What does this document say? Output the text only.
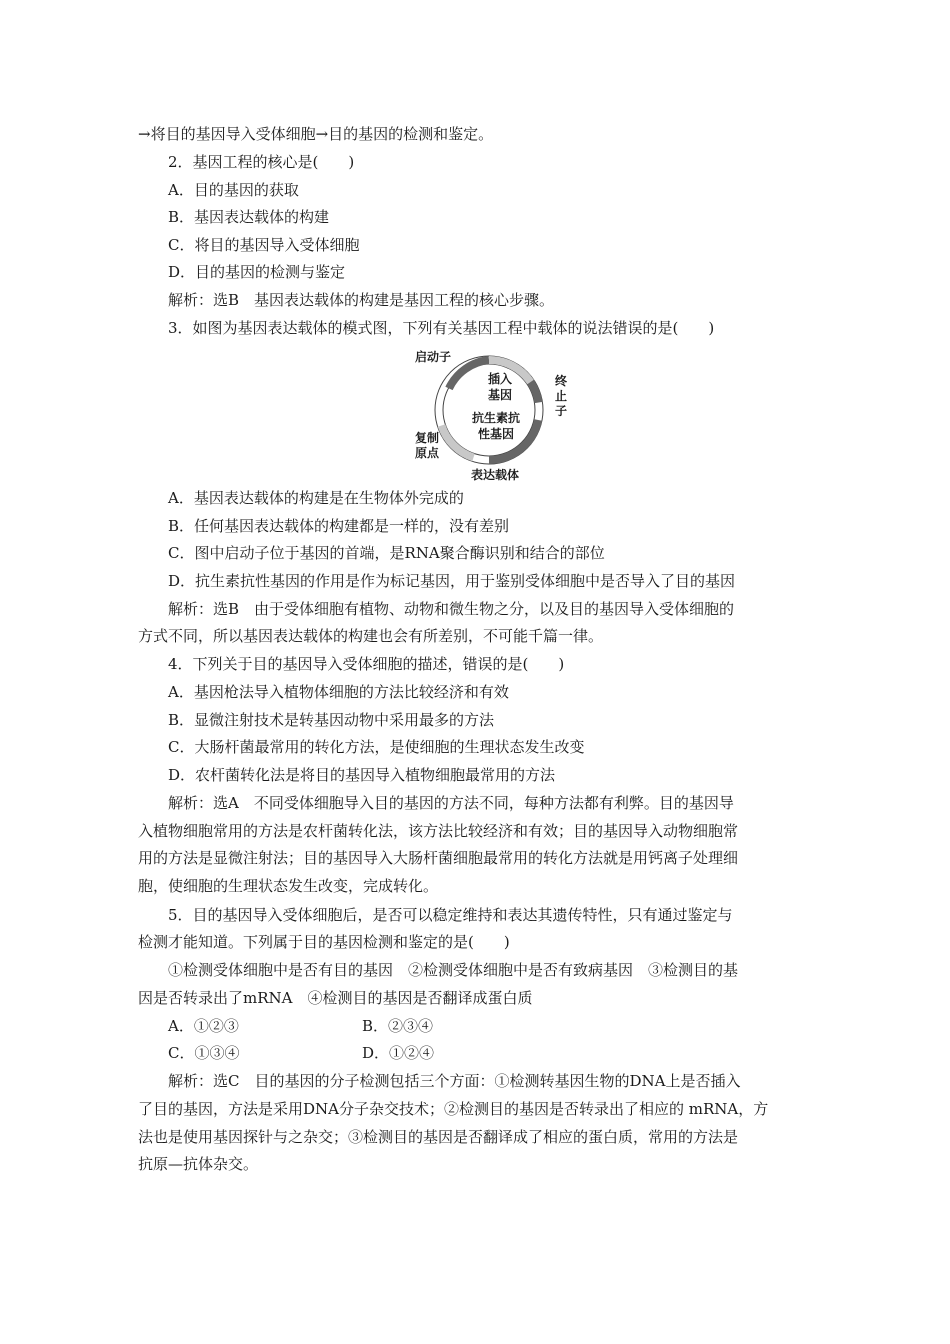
→将目的基因导入受体细胞→目的基因的检测和鉴定。
2．基因工程的核心是(　　)
A．目的基因的获取
B．基因表达载体的构建
C．将目的基因导入受体细胞
D．目的基因的检测与鉴定
解析：选B　基因表达载体的构建是基因工程的核心步骤。
3．如图为基因表达载体的模式图，下列有关基因工程中载体的说法错误的是(　　)
启动子
插入
基因
终
止
子
抗生素抗
性基因
复制
原点
表达载体
A．基因表达载体的构建是在生物体外完成的
B．任何基因表达载体的构建都是一样的，没有差别
C．图中启动子位于基因的首端，是RNA聚合酶识别和结合的部位
D．抗生素抗性基因的作用是作为标记基因，用于鉴别受体细胞中是否导入了目的基因
解析：选B　由于受体细胞有植物、动物和微生物之分，以及目的基因导入受体细胞的
方式不同，所以基因表达载体的构建也会有所差别，不可能千篇一律。
4．下列关于目的基因导入受体细胞的描述，错误的是(　　)
A．基因枪法导入植物体细胞的方法比较经济和有效
B．显微注射技术是转基因动物中采用最多的方法
C．大肠杆菌最常用的转化方法，是使细胞的生理状态发生改变
D．农杆菌转化法是将目的基因导入植物细胞最常用的方法
解析：选A　不同受体细胞导入目的基因的方法不同，每种方法都有利弊。目的基因导
入植物细胞常用的方法是农杆菌转化法，该方法比较经济和有效；目的基因导入动物细胞常
用的方法是显微注射法；目的基因导入大肠杆菌细胞最常用的转化方法就是用钙离子处理细
胞，使细胞的生理状态发生改变，完成转化。
5．目的基因导入受体细胞后，是否可以稳定维持和表达其遗传特性，只有通过鉴定与
检测才能知道。下列属于目的基因检测和鉴定的是(　　)
①检测受体细胞中是否有目的基因　②检测受体细胞中是否有致病基因　③检测目的基
因是否转录出了mRNA　④检测目的基因是否翻译成蛋白质
A．①②③	B．②③④
C．①③④	D．①②④
解析：选C　目的基因的分子检测包括三个方面：①检测转基因生物的DNA上是否插入
了目的基因，方法是采用DNA分子杂交技术；②检测目的基因是否转录出了相应的 mRNA，方
法也是使用基因探针与之杂交；③检测目的基因是否翻译成了相应的蛋白质，常用的方法是
抗原—抗体杂交。
